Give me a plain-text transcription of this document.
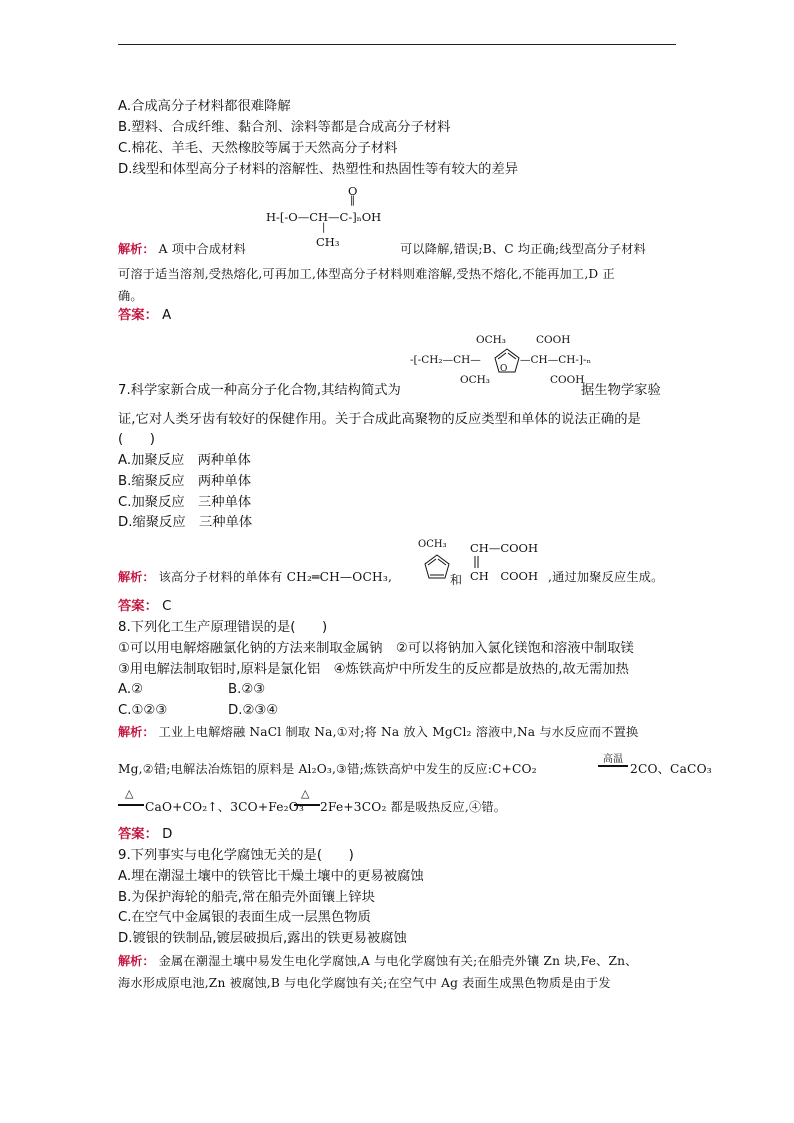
A.合成高分子材料都很难降解
B.塑料、合成纤维、黏合剂、涂料等都是合成高分子材料
C.棉花、羊毛、天然橡胶等属于天然高分子材料
D.线型和体型高分子材料的溶解性、热塑性和热固性等有较大的差异
O
‖
H-[-O—CH—C-]ₙOH
|
CH₃
解析： A 项中合成材料	可以降解,错误;B、C 均正确;线型高分子材料
可溶于适当溶剂,受热熔化,可再加工,体型高分子材料则难溶解,受热不熔化,不能再加工,D 正
确。
答案： A
OCH₃	COOH
-[-CH₂—CH—
O
—CH—CH-]-ₙ
OCH₃	COOH
7.科学家新合成一种高分子化合物,其结构简式为	据生物学家验
证,它对人类牙齿有较好的保健作用。关于合成此高聚物的反应类型和单体的说法正确的是
(　　)
A.加聚反应　两种单体
B.缩聚反应　两种单体
C.加聚反应　三种单体
D.缩聚反应　三种单体
解析： 该高分子材料的单体有 CH₂═CH—OCH₃,
OCH₃
和
CH—COOH
CH　COOH ,通过加聚反应生成。
答案： C
8.下列化工生产原理错误的是(　　)
①可以用电解熔融氯化钠的方法来制取金属钠　②可以将钠加入氯化镁饱和溶液中制取镁
③用电解法制取铝时,原料是氯化铝　④炼铁高炉中所发生的反应都是放热的,故无需加热
A.②	B.②③
C.①②③	D.②③④
解析： 工业上电解熔融 NaCl 制取 Na,①对;将 Na 放入 MgCl₂ 溶液中,Na 与水反应而不置换
高温
Mg,②错;电解法冶炼铝的原料是 Al₂O₃,③错;炼铁高炉中发生的反应:C+CO₂	2CO、CaCO₃
△	△
CaO+CO₂↑、3CO+Fe₂O₃ 2Fe+3CO₂ 都是吸热反应,④错。
答案： D
9.下列事实与电化学腐蚀无关的是(　　)
A.埋在潮湿土壤中的铁管比干燥土壤中的更易被腐蚀
B.为保护海轮的船壳,常在船壳外面镶上锌块
C.在空气中金属银的表面生成一层黑色物质
D.镀银的铁制品,镀层破损后,露出的铁更易被腐蚀
解析： 金属在潮湿土壤中易发生电化学腐蚀,A 与电化学腐蚀有关;在船壳外镶 Zn 块,Fe、Zn、
海水形成原电池,Zn 被腐蚀,B 与电化学腐蚀有关;在空气中 Ag 表面生成黑色物质是由于发
